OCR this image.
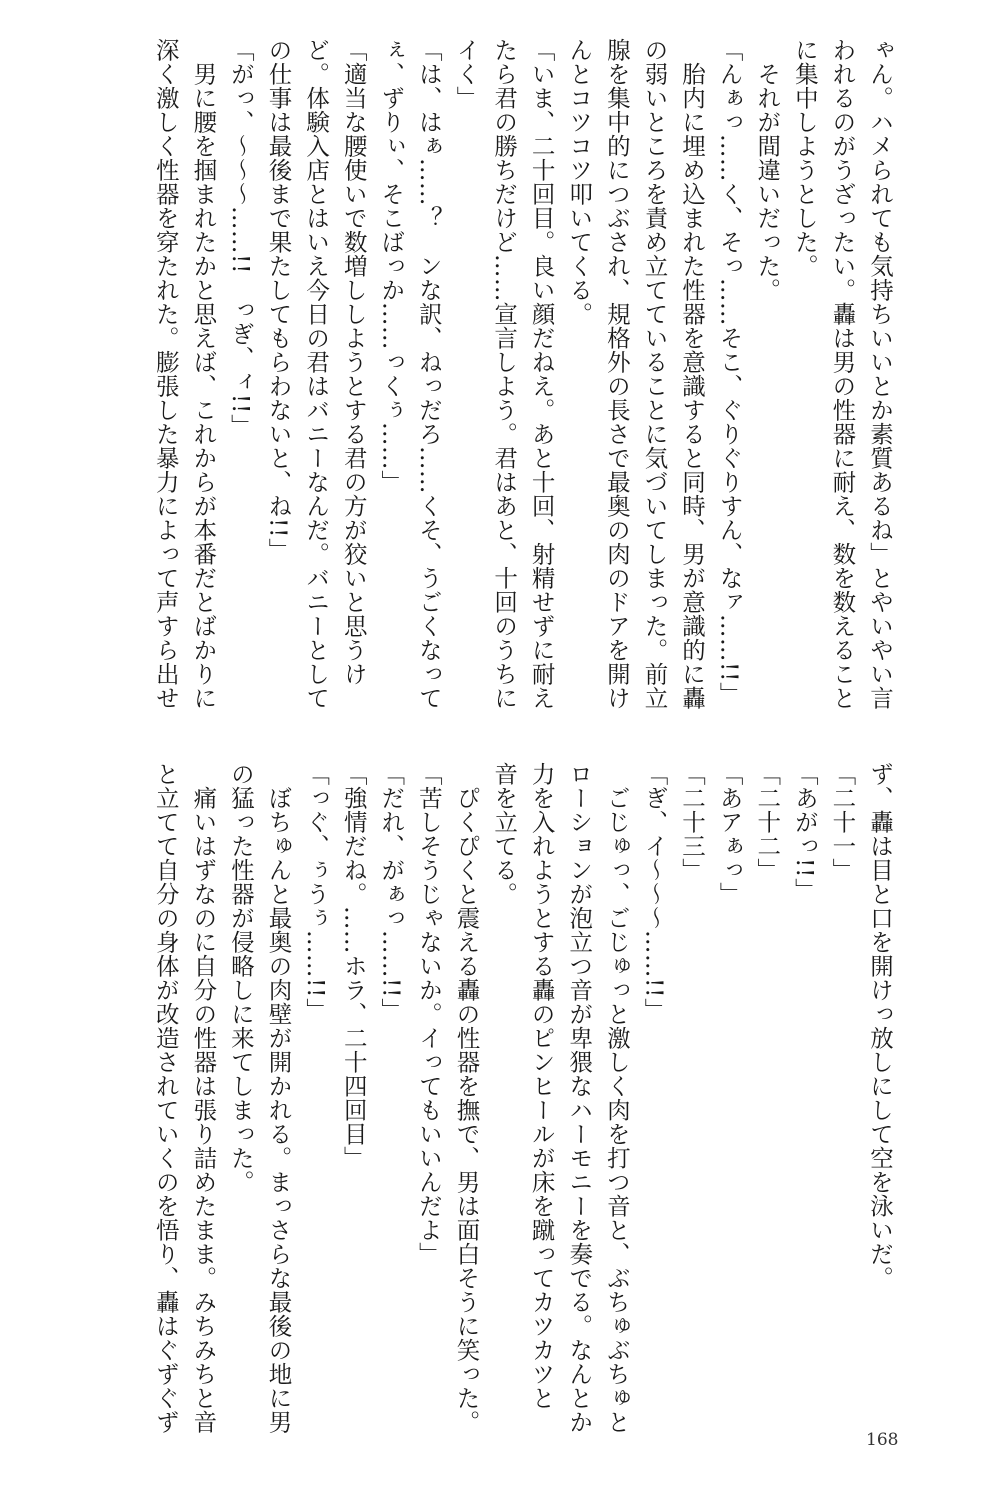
ゃん。ハメられても気持ちいいとか素質あるね」とやいやい言
われるのがうざったい。轟は男の性器に耐え、数を数えること
に集中しようとした。
　それが間違いだった。
「んぁっ……く、そっ……そこ、ぐりぐりすん、なァ……!!」
　胎内に埋め込まれた性器を意識すると同時、男が意識的に轟
の弱いところを責め立てていることに気づいてしまった。前立
腺を集中的につぶされ、規格外の長さで最奥の肉のドアを開け
んとコツコツ叩いてくる。
「いま、二十回目。良い顔だねえ。あと十回、射精せずに耐え
たら君の勝ちだけど……宣言しよう。君はあと、十回のうちに
イく」
「は、はぁ……？　ンな訳、ねっだろ……くそ、うごくなって
ぇ、ずりぃ、そこばっか……っくぅ……」
「適当な腰使いで数増ししようとする君の方が狡いと思うけ
ど。体験入店とはいえ今日の君はバニーなんだ。バニーとして
の仕事は最後まで果たしてもらわないと、ね!!」
「がっ、～～～……!!　っぎ、ィ!!」
　男に腰を掴まれたかと思えば、これからが本番だとばかりに
深く激しく性器を穿たれた。膨張した暴力によって声すら出せ
ず、轟は目と口を開けっ放しにして空を泳いだ。
「二十一」
「あがっ!!」
「二十二」
「あアぁっ」
「二十三」
「ぎ、イ～～～……!!」
　ごじゅっ、ごじゅっと激しく肉を打つ音と、ぶちゅぶちゅと
ローションが泡立つ音が卑猥なハーモニーを奏でる。なんとか
力を入れようとする轟のピンヒールが床を蹴ってカツカツと
音を立てる。
　ぴくぴくと震える轟の性器を撫で、男は面白そうに笑った。
「苦しそうじゃないか。イってもいいんだよ」
「だれ、がぁっ……!!」
「強情だね。……ホラ、二十四回目」
「っぐ、ぅうぅ……!!」
　ぼちゅんと最奥の肉壁が開かれる。まっさらな最後の地に男
の猛った性器が侵略しに来てしまった。
　痛いはずなのに自分の性器は張り詰めたまま。みちみちと音
と立てて自分の身体が改造されていくのを悟り、轟はぐずぐず
168
